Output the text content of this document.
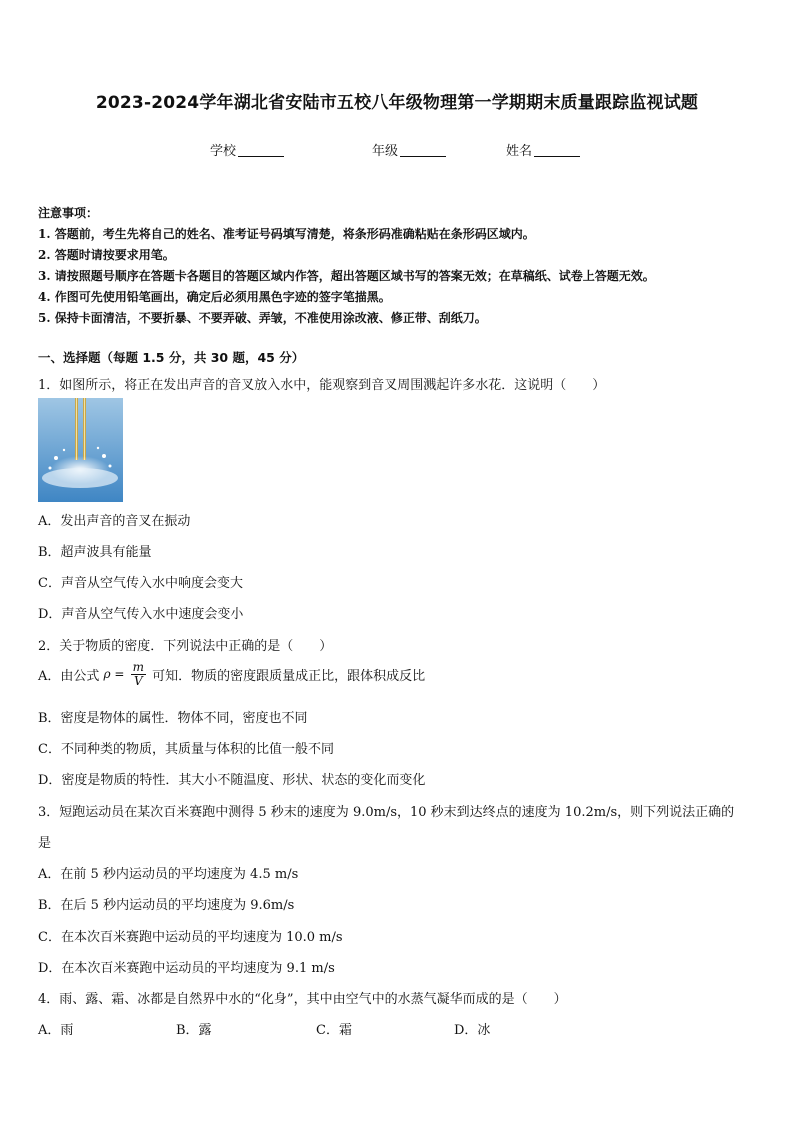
2023-2024学年湖北省安陆市五校八年级物理第一学期期末质量跟踪监视试题
学校	年级	姓名
注意事项：
1. 答题前，考生先将自己的姓名、准考证号码填写清楚，将条形码准确粘贴在条形码区域内。
2. 答题时请按要求用笔。
3. 请按照题号顺序在答题卡各题目的答题区域内作答，超出答题区域书写的答案无效；在草稿纸、试卷上答题无效。
4. 作图可先使用铅笔画出，确定后必须用黑色字迹的签字笔描黑。
5. 保持卡面清洁，不要折暴、不要弄破、弄皱，不准使用涂改液、修正带、刮纸刀。
一、选择题（每题 1.5 分，共 30 题，45 分）
1．如图所示，将正在发出声音的音叉放入水中，能观察到音叉周围溅起许多水花．这说明（　　）
A．发出声音的音叉在振动
B．超声波具有能量
C．声音从空气传入水中响度会变大
D．声音从空气传入水中速度会变小
2．关于物质的密度．下列说法中正确的是（　　）
A．由公式 $\rho = \frac{m}{V}$ 可知．物质的密度跟质量成正比，跟体积成反比
B．密度是物体的属性．物体不同，密度也不同
C．不同种类的物质，其质量与体积的比值一般不同
D．密度是物质的特性．其大小不随温度、形状、状态的变化而变化
3．短跑运动员在某次百米赛跑中测得 5 秒末的速度为 9.0m/s，10 秒末到达终点的速度为 10.2m/s，则下列说法正确的
是
A．在前 5 秒内运动员的平均速度为 4.5 m/s
B．在后 5 秒内运动员的平均速度为 9.6m/s
C．在本次百米赛跑中运动员的平均速度为 10.0 m/s
D．在本次百米赛跑中运动员的平均速度为 9.1 m/s
4．雨、露、霜、冰都是自然界中水的“化身”，其中由空气中的水蒸气凝华而成的是（　　）
A．雨	B．露	C．霜	D．冰
